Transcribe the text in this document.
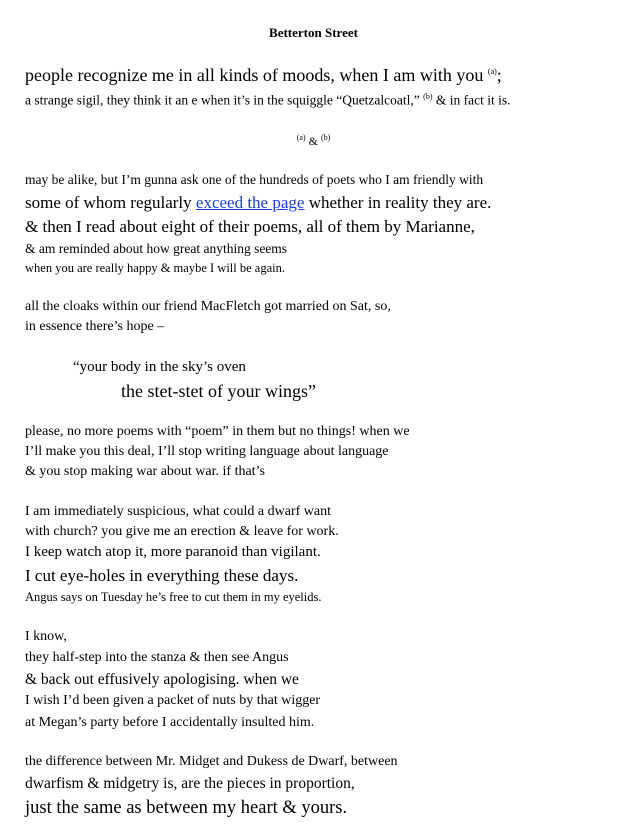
Betterton Street
people recognize me in all kinds of moods, when I am with you $^{(a)}$;
a strange sigil, they think it an e when it’s in the squiggle “Quetzalcoatl,” $^{(b)}$ & in fact it is.
$^{(a)}$ & $^{(b)}$
may be alike, but I’m gunna ask one of the hundreds of poets who I am friendly with
some of whom regularly exceed the page whether in reality they are.
& then I read about eight of their poems, all of them by Marianne,
& am reminded about how great anything seems
when you are really happy & maybe I will be again.
all the cloaks within our friend MacFletch got married on Sat, so,
in essence there’s hope –
“your body in the sky’s oven
the stet-stet of your wings”
please, no more poems with “poem” in them but no things! when we
I’ll make you this deal, I’ll stop writing language about language
& you stop making war about war. if that’s
I am immediately suspicious, what could a dwarf want
with church? you give me an erection & leave for work.
I keep watch atop it, more paranoid than vigilant.
I cut eye-holes in everything these days.
Angus says on Tuesday he’s free to cut them in my eyelids.
I know,
they half-step into the stanza & then see Angus
& back out effusively apologising. when we
I wish I’d been given a packet of nuts by that wigger
at Megan’s party before I accidentally insulted him.
the difference between Mr. Midget and Dukess de Dwarf, between
dwarfism & midgetry is, are the pieces in proportion,
just the same as between my heart & yours.
